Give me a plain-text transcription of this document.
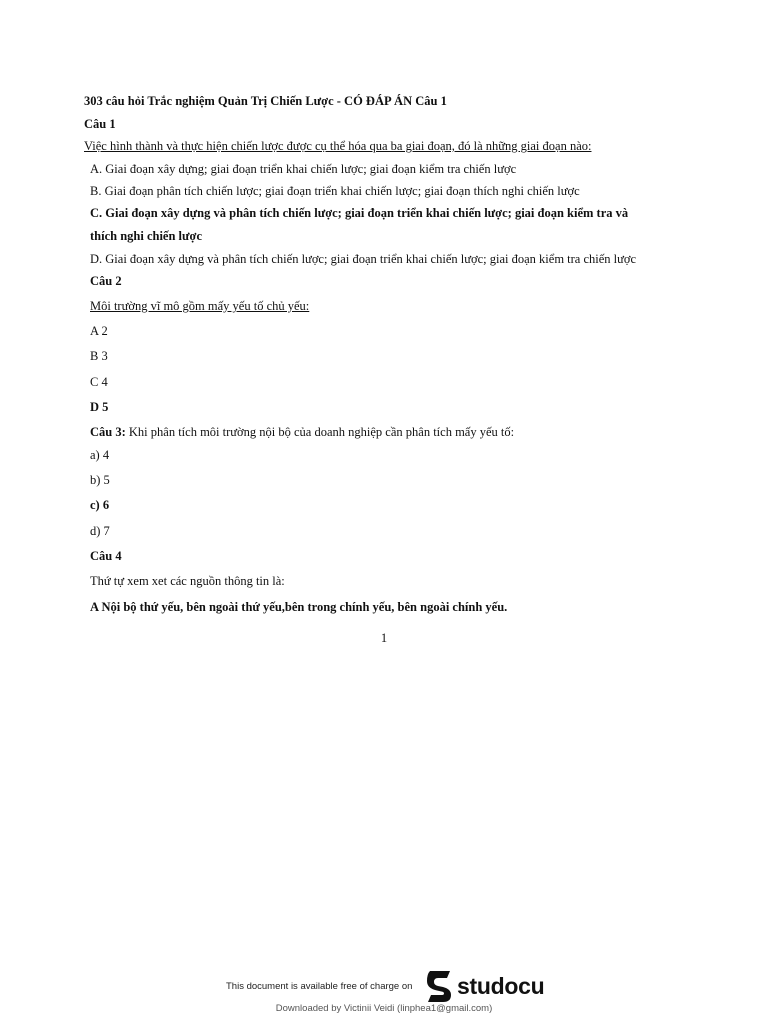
303 câu hỏi Trắc nghiệm Quản Trị Chiến Lược - CÓ ĐÁP ÁN Câu 1
Câu 1
Việc hình thành và thực hiện chiến lược được cụ thể hóa qua ba giai đoạn, đó là những giai đoạn nào:
A. Giai đoạn xây dựng; giai đoạn triển khai chiến lược; giai đoạn kiểm tra chiến lược
B. Giai đoạn phân tích chiến lược; giai đoạn triển khai chiến lược; giai đoạn thích nghi chiến lược
C. Giai đoạn xây dựng và phân tích chiến lược; giai đoạn triển khai chiến lược; giai đoạn kiểm tra và
thích nghi chiến lược
D. Giai đoạn xây dựng và phân tích chiến lược; giai đoạn triển khai chiến lược; giai đoạn kiểm tra chiến lược
Câu 2
Môi trường vĩ mô gồm mấy yếu tố chủ yếu:
A 2
B 3
C 4
D 5
Câu 3: Khi phân tích môi trường nội bộ của doanh nghiệp cần phân tích mấy yếu tố:
a) 4
b) 5
c) 6
d) 7
Câu 4
Thứ tự xem xet các nguồn thông tin là:
A Nội bộ thứ yếu, bên ngoài thứ yếu,bên trong chính yếu, bên ngoài chính yếu.
1
This document is available free of charge on studocu
Downloaded by Victinii Veidi (linphea1@gmail.com)
